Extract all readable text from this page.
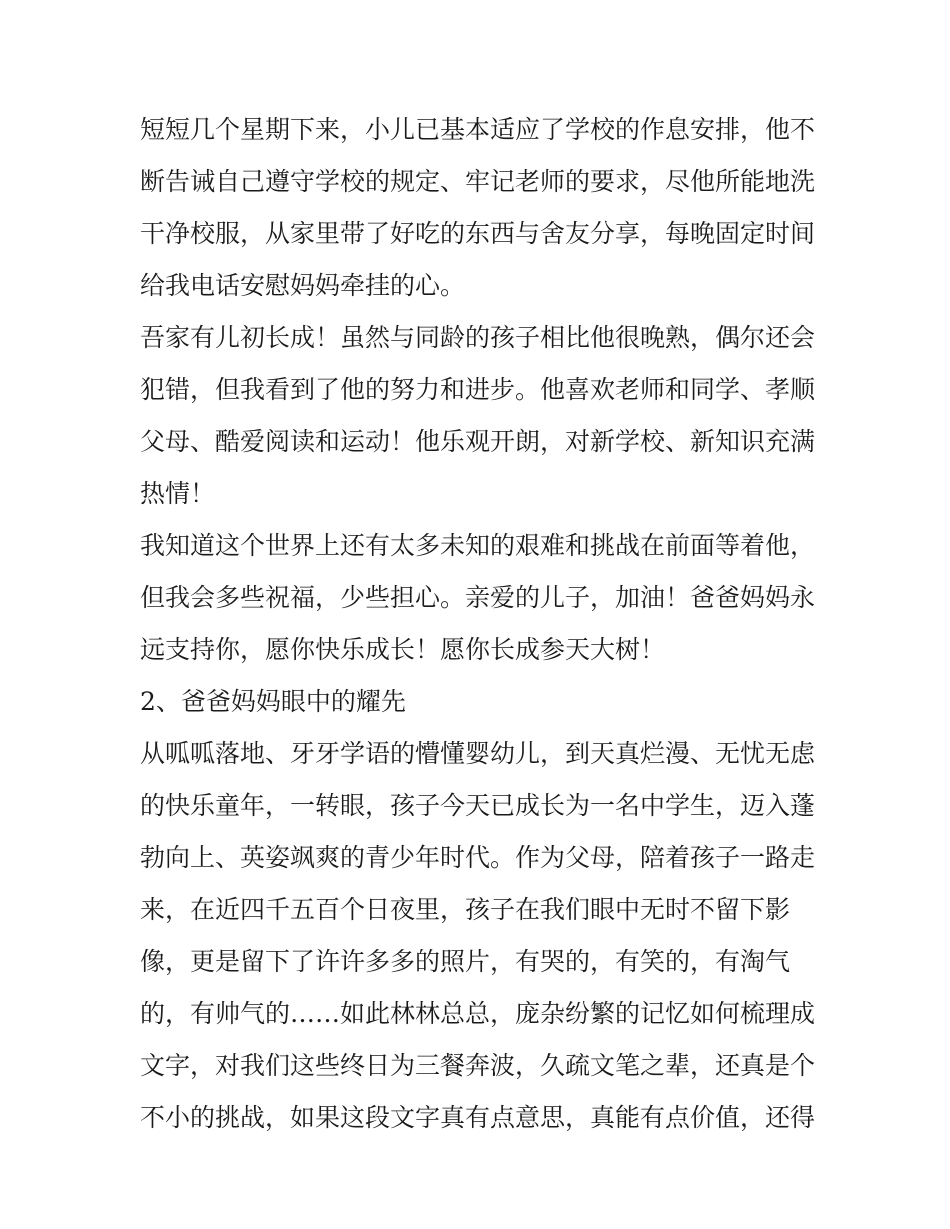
短短几个星期下来，小儿已基本适应了学校的作息安排，他不
断告诫自己遵守学校的规定、牢记老师的要求，尽他所能地洗
干净校服，从家里带了好吃的东西与舍友分享，每晚固定时间
给我电话安慰妈妈牵挂的心。
吾家有儿初长成！虽然与同龄的孩子相比他很晚熟，偶尔还会
犯错，但我看到了他的努力和进步。他喜欢老师和同学、孝顺
父母、酷爱阅读和运动！他乐观开朗，对新学校、新知识充满
热情！
我知道这个世界上还有太多未知的艰难和挑战在前面等着他，
但我会多些祝福，少些担心。亲爱的儿子，加油！爸爸妈妈永
远支持你，愿你快乐成长！愿你长成参天大树！
2、爸爸妈妈眼中的耀先
从呱呱落地、牙牙学语的懵懂婴幼儿，到天真烂漫、无忧无虑
的快乐童年，一转眼，孩子今天已成长为一名中学生，迈入蓬
勃向上、英姿飒爽的青少年时代。作为父母，陪着孩子一路走
来，在近四千五百个日夜里，孩子在我们眼中无时不留下影
像，更是留下了许许多多的照片，有哭的，有笑的，有淘气
的，有帅气的……如此林林总总，庞杂纷繁的记忆如何梳理成
文字，对我们这些终日为三餐奔波，久疏文笔之辈，还真是个
不小的挑战，如果这段文字真有点意思，真能有点价值，还得
